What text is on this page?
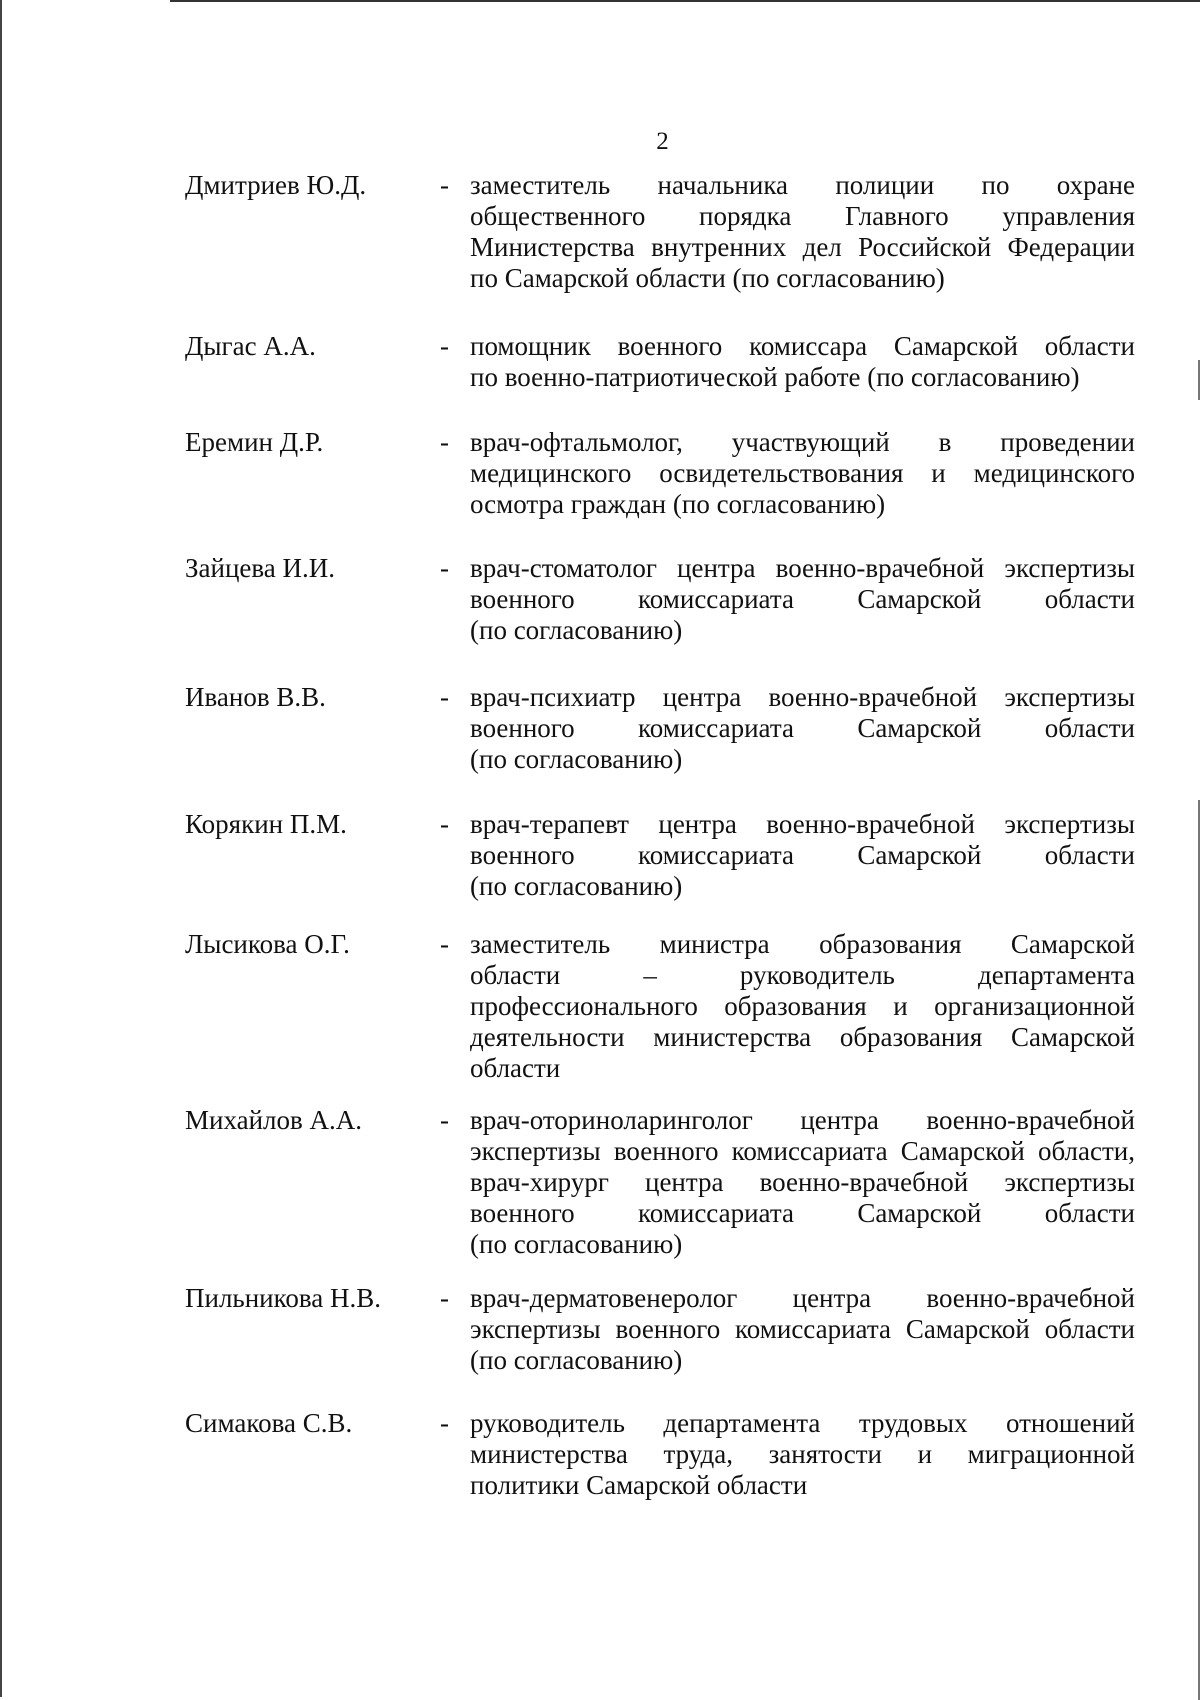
2
Дмитриев Ю.Д.	- заместитель начальника полиции по охране
общественного порядка Главного управления
Министерства внутренних дел Российской Федерации
по Самарской области (по согласованию)
Дыгас А.А.	- помощник военного комиссара Самарской области
по военно-патриотической работе (по согласованию)
Еремин Д.Р.	- врач-офтальмолог, участвующий в проведении
медицинского освидетельствования и медицинского
осмотра граждан (по согласованию)
Зайцева И.И.	- врач-стоматолог центра военно-врачебной экспертизы
военного комиссариата Самарской области
(по согласованию)
Иванов В.В.	- врач-психиатр центра военно-врачебной экспертизы
военного комиссариата Самарской области
(по согласованию)
Корякин П.М.	- врач-терапевт центра военно-врачебной экспертизы
военного комиссариата Самарской области
(по согласованию)
Лысикова О.Г.	- заместитель министра образования Самарской
области – руководитель департамента
профессионального образования и организационной
деятельности министерства образования Самарской
области
Михайлов А.А.	- врач-оториноларинголог центра военно-врачебной
экспертизы военного комиссариата Самарской области,
врач-хирург центра военно-врачебной экспертизы
военного комиссариата Самарской области
(по согласованию)
Пильникова Н.В. - врач-дерматовенеролог центра военно-врачебной
экспертизы военного комиссариата Самарской области
(по согласованию)
Симакова С.В.	- руководитель департамента трудовых отношений
министерства труда, занятости и миграционной
политики Самарской области
